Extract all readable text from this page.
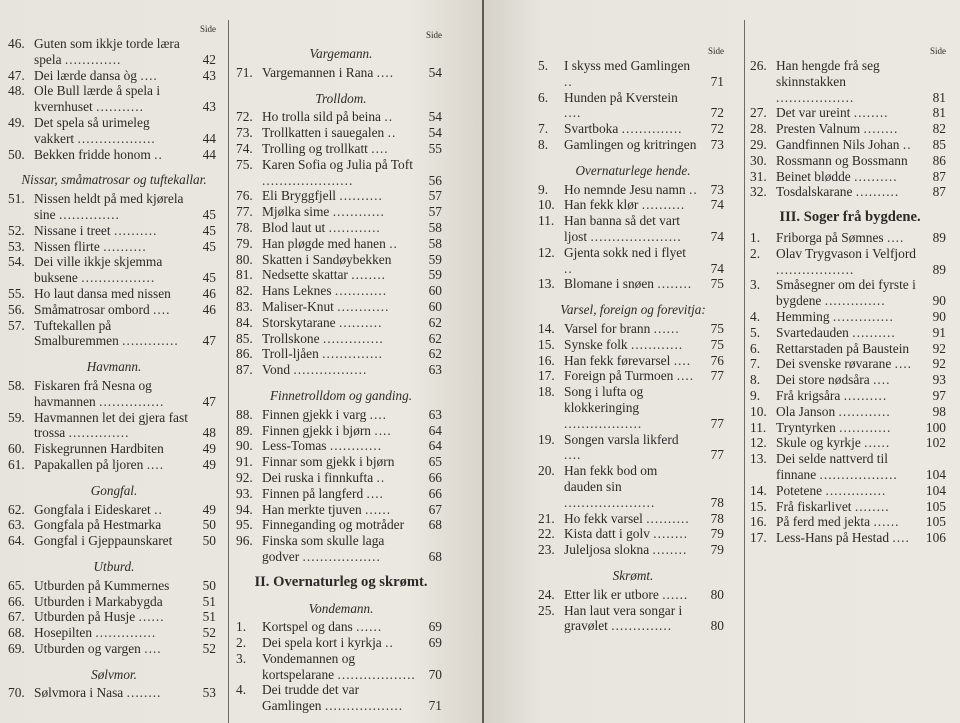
Side
46. Guten som ikkje torde læra spela .............	42
47. Dei lærde dansa òg ....	43
48. Ole Bull lærde å spela i kvernhuset ...........	43
49. Det spela så urimeleg vakkert ..................	44
50. Bekken fridde honom ..	44
Nissar, småmatrosar og tuftekallar.
51. Nissen heldt på med kjørela sine ..............	45
52. Nissane i treet ..........	45
53. Nissen flirte ..........	45
54. Dei ville ikkje skjemma buksene .................	45
55. Ho laut dansa med nissen 46
56. Småmatrosar ombord .... 46
57. Tuftekallen på Smalburemmen ............. 47
Havmann.
58. Fiskaren frå Nesna og havmannen ...............	47
59. Havmannen let dei gjera fast trossa ..............	48
60. Fiskegrunnen Hardbiten	49
61. Papakallen på ljoren ....	49
Gongfal.
62. Gongfala i Eideskaret ..	49
63. Gongfala på Hestmarka	50
64. Gongfal i Gjeppaunskaret 50
Utburd.
65. Utburden på Kummernes 50
66. Utburden i Markabygda	51
67. Utburden på Husje ......	51
68. Hosepilten ..............	52
69. Utburden og vargen ....	52
Sølvmor.
70. Sølvmora i Nasa ........	53
Side
Vargemann.
71. Vargemannen i Rana ....	54
Trolldom.
72. Ho trolla sild på beina ..	54
73. Trollkatten i sauegalen .. 54
74. Trolling og trollkatt ....	55
75. Karen Sofia og Julia på Toft .....................	56
76. Eli Bryggfjell ..........	57
77. Mjølka sime ............	57
78. Blod laut ut ............	58
79. Han pløgde med hanen .. 58
80. Skatten i Sandøybekken	59
81. Nedsette skattar ........	59
82. Hans Leknes ............	60
83. Maliser-Knut ............	60
84. Storskytarane ..........	62
85. Trollskone ..............	62
86. Troll-ljåen ..............	62
87. Vond .................	63
Finnetrolldom og ganding.
88. Finnen gjekk i varg ....	63
89. Finnen gjekk i bjørn ....	64
90. Less-Tomas ............	64
91. Finnar som gjekk i bjørn	65
92. Dei ruska i finnkufta ..	66
93. Finnen på langferd ....	66
94. Han merkte tjuven ......	67
95. Finneganding og motråder 68
96. Finska som skulle laga godver ..................	68
II. Overnaturleg og skrømt.
Vondemann.
1. Kortspel og dans ......	69
2. Dei spela kort i kyrkja ..	69
3. Vondemannen og kortspelarane .................. 70
4. Dei trudde det var Gamlingen .................. 71
Side
5. I skyss med Gamlingen ..	71
6. Hunden på Kverstein ....	72
7. Svartboka .............. 72
8. Gamlingen og kritringen 73
Overnaturlege hende.
9. Ho nemnde Jesu namn .. 73
10. Han fekk klør .......... 74
11. Han banna så det vart ljost ..................... 74
12. Gjenta sokk ned i flyet ..	74
13. Blomane i snøen ........ 75
Varsel, foreign og forevitja:
14. Varsel for brann ...... 75
15. Synske folk ............ 75
16. Han fekk førevarsel .... 76
17. Foreign på Turmoen .... 77
18. Song i lufta og klokkeringing ..................	77
19. Songen varsla likferd ....	77
20. Han fekk bod om dauden sin .....................	78
21. Ho fekk varsel .......... 78
22. Kista datt i golv ........ 79
23. Juleljosa slokna ........ 79
Skrømt.
24. Etter lik er utbore ...... 80
25. Han laut vera songar i gravølet ..............	80
Side
26. Han hengde frå seg skinnstakken ..................	81
27. Det var ureint ........	81
28. Presten Valnum ........	82
29. Gandfinnen Nils Johan .. 85
30. Rossmann og Bossmann 86
31. Beinet blødde ..........	87
32. Tosdalskarane .......... 87
III. Soger frå bygdene.
1. Friborga på Sømnes .... 89
2. Olav Trygvason i Velfjord ..................	89
3. Småsegner om dei fyrste i bygdene ..............	90
4. Hemming ..............	90
5. Svartedauden ..........	91
6. Rettarstaden på Baustein 92
7. Dei svenske røvarane .... 92
8. Dei store nødsåra ....	93
9. Frå krigsåra ..........	97
10. Ola Janson ............	98
11. Tryntyrken ............	100
12. Skule og kyrkje ......	102
13. Dei selde nattverd til finnane .................. 104
14. Potetene ..............	104
15. Frå fiskarlivet ........	105
16. På ferd med jekta ...... 105
17. Less-Hans på Hestad .... 106
